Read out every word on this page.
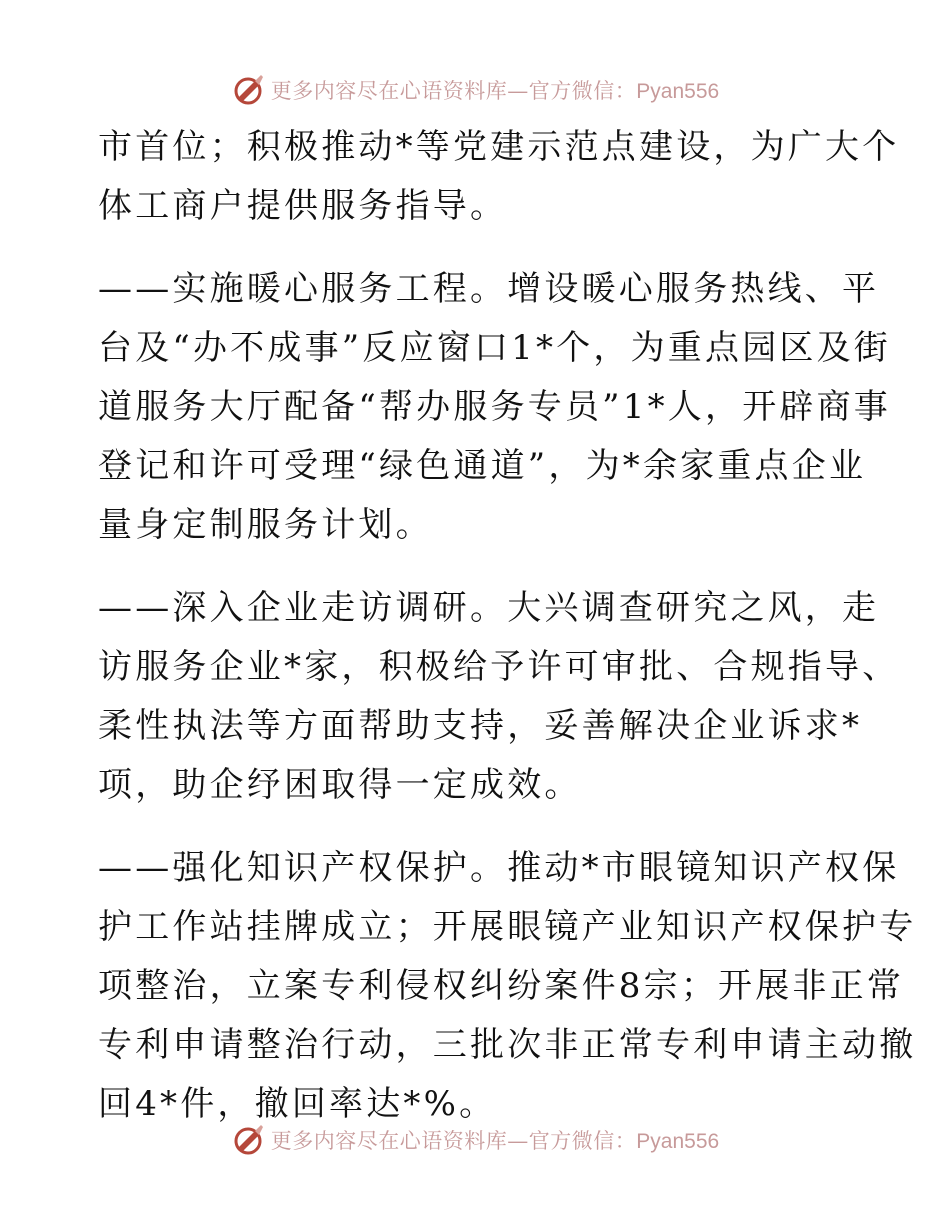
更多内容尽在心语资料库—官方微信：Pyan556

市首位；积极推动*等党建示范点建设，为广大个
体工商户提供服务指导。

——实施暖心服务工程。增设暖心服务热线、平
台及“办不成事”反应窗口1*个，为重点园区及街
道服务大厅配备“帮办服务专员”1*人，开辟商事
登记和许可受理“绿色通道”，为*余家重点企业
量身定制服务计划。

——深入企业走访调研。大兴调查研究之风，走
访服务企业*家，积极给予许可审批、合规指导、
柔性执法等方面帮助支持，妥善解决企业诉求*
项，助企纾困取得一定成效。

——强化知识产权保护。推动*市眼镜知识产权保
护工作站挂牌成立；开展眼镜产业知识产权保护专
项整治，立案专利侵权纠纷案件8宗；开展非正常
专利申请整治行动，三批次非正常专利申请主动撤
回4*件，撤回率达*%。

更多内容尽在心语资料库—官方微信：Pyan556
